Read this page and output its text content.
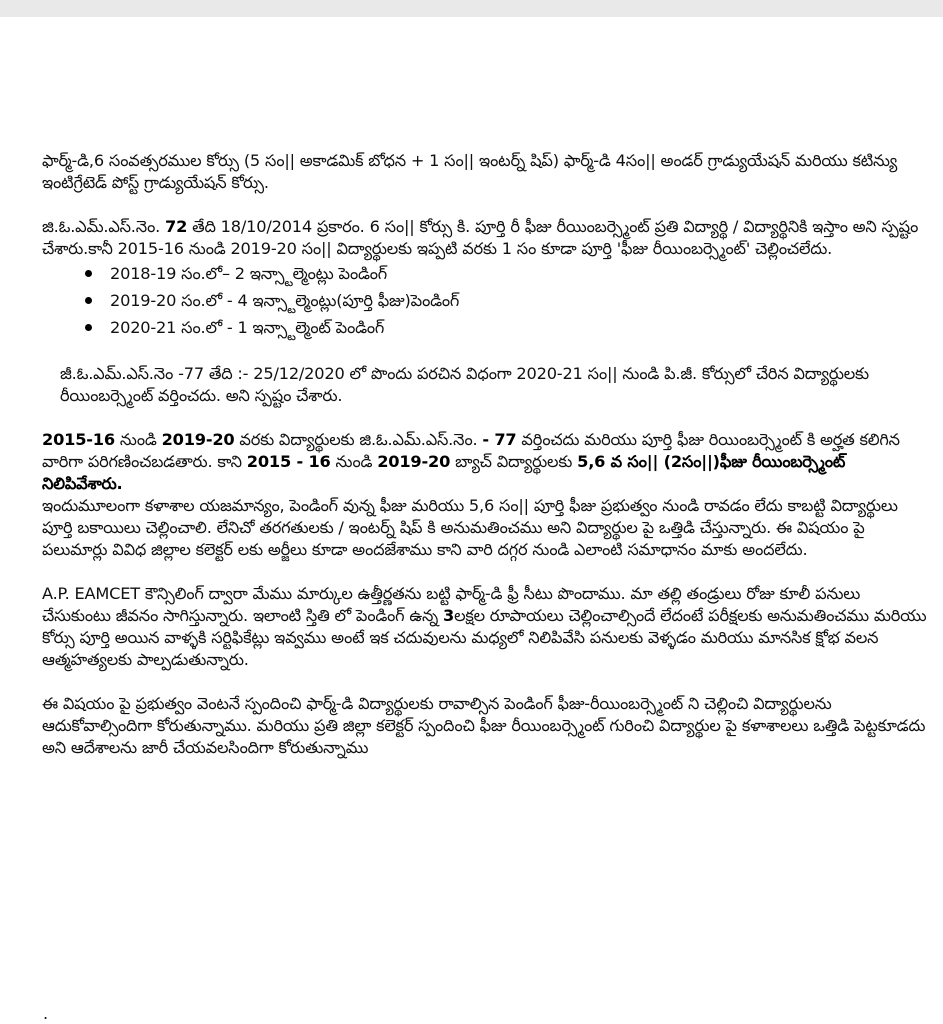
ఫార్మ్-డి,6 సంవత్సరముల కోర్సు (5 సం|| అకాడమిక్ బోధన + 1 సం|| ఇంటర్న్ షిప్) ఫార్మ్-డి 4సం|| అండర్ గ్రాడ్యుయేషన్ మరియు కటిన్యు ఇంటిగ్రేటెడ్ పోస్ట్ గ్రాడ్యుయేషన్ కోర్సు.

జి.ఓ.ఎమ్.ఎస్.నెం. 72 తేది 18/10/2014 ప్రకారం. 6 సం|| కోర్సు కి. పూర్తి రీ ఫీజు రీయింబర్స్మెంట్ ప్రతి విద్యార్థి / విద్యార్థినికి ఇస్తాం అని స్పష్టం చేశారు.కానీ 2015-16 నుండి 2019-20 సం|| విద్యార్థులకు ఇప్పటి వరకు 1 సం కూడా పూర్తి 'ఫీజు రీయింబర్స్మెంట్' చెల్లించలేదు.

2018-19 సం.లో– 2 ఇన్స్టాల్మెంట్లు పెండింగ్
2019-20 సం.లో - 4 ఇన్స్టాల్మెంట్లు(పూర్తి ఫీజు)పెండింగ్
2020-21 సం.లో - 1 ఇన్స్టాల్మెంట్ పెండింగ్

జీ.ఓ.ఎమ్.ఎస్.నెం -77 తేది :- 25/12/2020 లో పొందు పరచిన విధంగా 2020-21 సం|| నుండి పి.జీ. కోర్సులో చేరిన విద్యార్థులకు రీయింబర్స్మెంట్ వర్తించదు. అని స్పష్టం చేశారు.

2015-16 నుండి 2019-20 వరకు విద్యార్థులకు జి.ఓ.ఎమ్.ఎస్.నెం. - 77 వర్తించదు మరియు పూర్తి ఫీజు రియింబర్స్మెంట్ కి అర్హత కలిగిన వారిగా పరిగణించబడతారు. కాని 2015 - 16 నుండి 2019-20 బ్యాచ్ విద్యార్థులకు 5,6 వ సం|| (2సం||)ఫీజు రీయింబర్స్మెంట్ నిలిపివేశారు.
ఇందుమూలంగా కళాశాల యజమాన్యం, పెండింగ్ వున్న ఫీజు మరియు 5,6 సం|| పూర్తి ఫీజు ప్రభుత్వం నుండి రావడం లేదు కాబట్టి విద్యార్థులు పూర్తి బకాయిలు చెల్లించాలి. లేనిచో తరగతులకు / ఇంటర్న్ షిప్ కి అనుమతించము అని విద్యార్థుల పై ఒత్తిడి చేస్తున్నారు. ఈ విషయం పై పలుమార్లు వివిధ జిల్లాల కలెక్టర్ లకు అర్జీలు కూడా అందజేశాము కాని వారి దగ్గర నుండి ఎలాంటి సమాధానం మాకు అందలేదు.

A.P. EAMCET కౌన్సిలింగ్ ద్వారా మేము మార్కుల ఉత్తీర్ణతను బట్టి ఫార్మ్-డి ఫ్రీ సీటు పొందాము. మా తల్లి తండ్రులు రోజు కూలీ పనులు చేసుకుంటు జీవనం సాగిస్తున్నారు. ఇలాంటి స్తితి లో పెండింగ్ ఉన్న 3లక్షల రూపాయలు చెల్లించాల్సిందే లేదంటే పరీక్షలకు అనుమతించము మరియు కోర్సు పూర్తి అయిన వాళ్ళకి సర్టిఫికేట్లు ఇవ్వము అంటే ఇక చదువులను మధ్యలో నిలిపివేసి పనులకు వెళ్ళడం మరియు మానసిక క్షోభ వలన ఆత్మహత్యలకు పాల్పడుతున్నారు.

ఈ విషయం పై ప్రభుత్వం వెంటనే స్పందించి ఫార్మ్-డి విద్యార్థులకు రావాల్సిన పెండింగ్ ఫీజు-రీయింబర్స్మెంట్ ని చెల్లించి విద్యార్థులను ఆదుకోవాల్సిందిగా కోరుతున్నాము. మరియు ప్రతి జిల్లా కలెక్టర్ స్పందించి ఫీజు రీయింబర్స్మెంట్ గురించి విద్యార్థుల పై కళాశాలలు ఒత్తిడి పెట్టకూడదు అని ఆదేశాలను జారీ చేయవలసిందిగా కోరుతున్నాము

.
